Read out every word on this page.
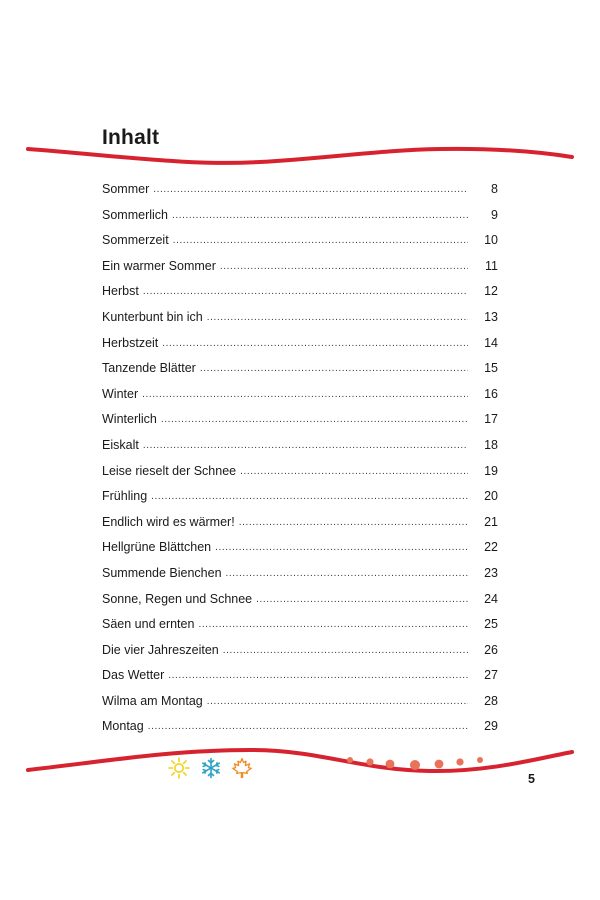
Inhalt
Sommer .....	8
Sommerlich .....	9
Sommerzeit .....	10
Ein warmer Sommer .....	11
Herbst .....	12
Kunterbunt bin ich .....	13
Herbstzeit .....	14
Tanzende Blätter .....	15
Winter .....	16
Winterlich .....	17
Eiskalt .....	18
Leise rieselt der Schnee .....	19
Frühling .....	20
Endlich wird es wärmer! .....	21
Hellgrüne Blättchen .....	22
Summende Bienchen .....	23
Sonne, Regen und Schnee .....	24
Säen und ernten .....	25
Die vier Jahreszeiten .....	26
Das Wetter .....	27
Wilma am Montag .....	28
Montag .....	29
5
